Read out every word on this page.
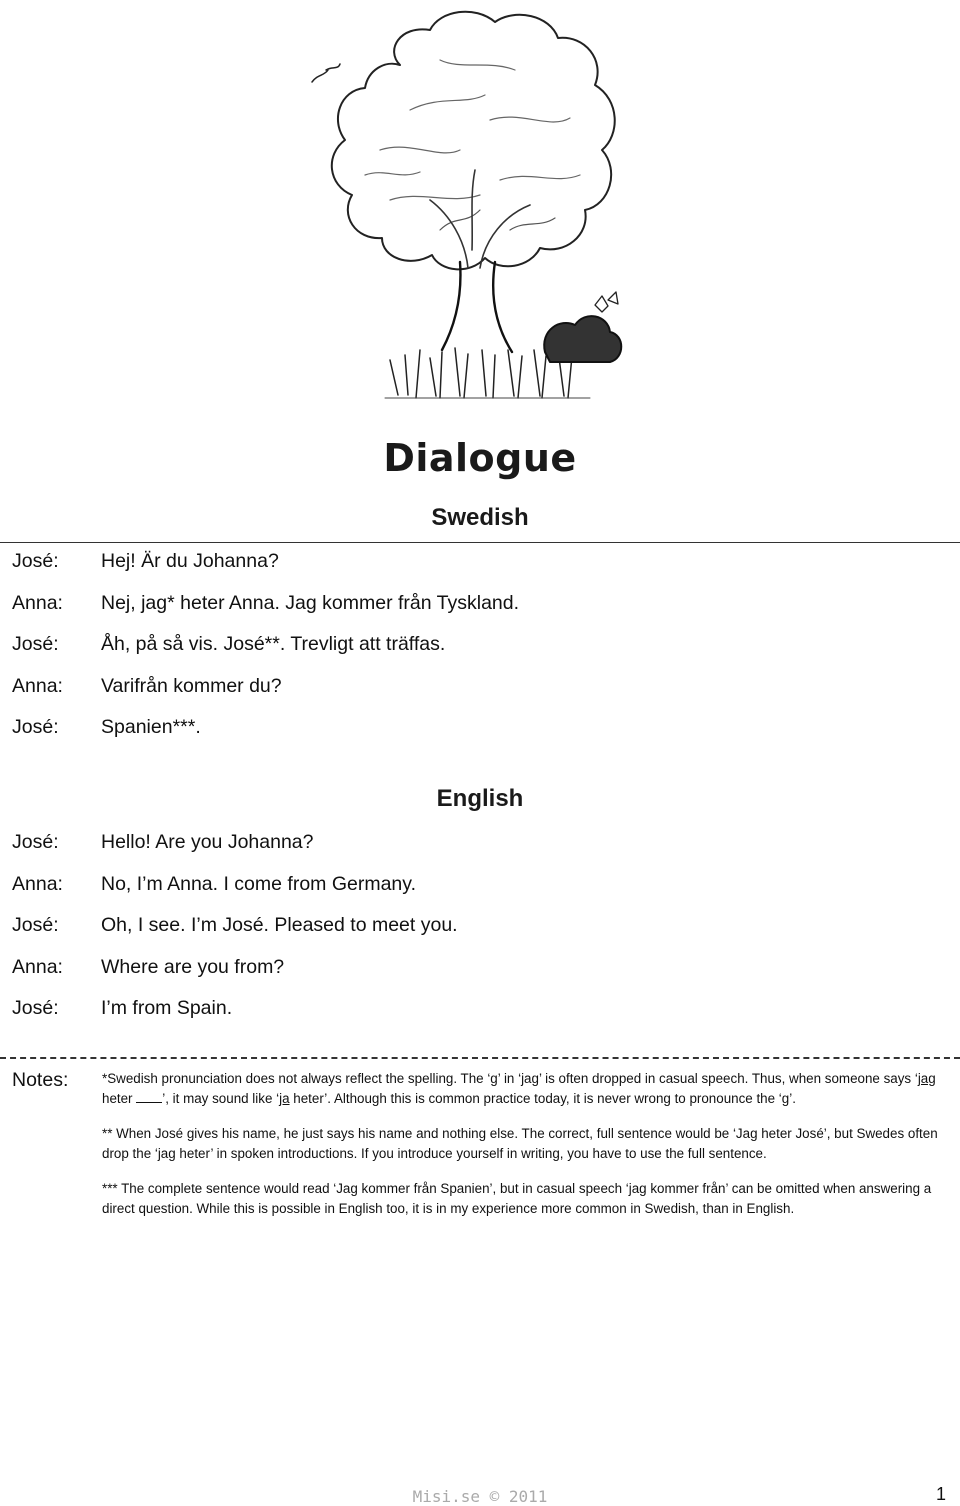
Dialogue
Swedish
José:	Hej! Är du Johanna?
Anna:	Nej, jag* heter Anna. Jag kommer från Tyskland.
José:	Åh, på så vis. José**. Trevligt att träffas.
Anna:	Varifrån kommer du?
José:	Spanien***.
English
José:	Hello! Are you Johanna?
Anna:	No, I’m Anna. I come from Germany.
José:	Oh, I see. I’m José. Pleased to meet you.
Anna:	Where are you from?
José:	I’m from Spain.
Notes:	*Swedish pronunciation does not always reflect the spelling. The ‘g’ in ‘jag’ is often dropped in casual speech. Thus, when someone says ‘jag heter ’, it may sound like ‘ja heter’. Although this is common practice today, it is never wrong to pronounce the ‘g’.

** When José gives his name, he just says his name and nothing else. The correct, full sentence would be ‘Jag heter José’, but Swedes often drop the ‘jag heter’ in spoken introductions. If you introduce yourself in writing, you have to use the full sentence.

*** The complete sentence would read ‘Jag kommer från Spanien’, but in casual speech ‘jag kommer från’ can be omitted when answering a direct question. While this is possible in English too, it is in my experience more common in Swedish, than in English.

Misi.se © 2011	1
